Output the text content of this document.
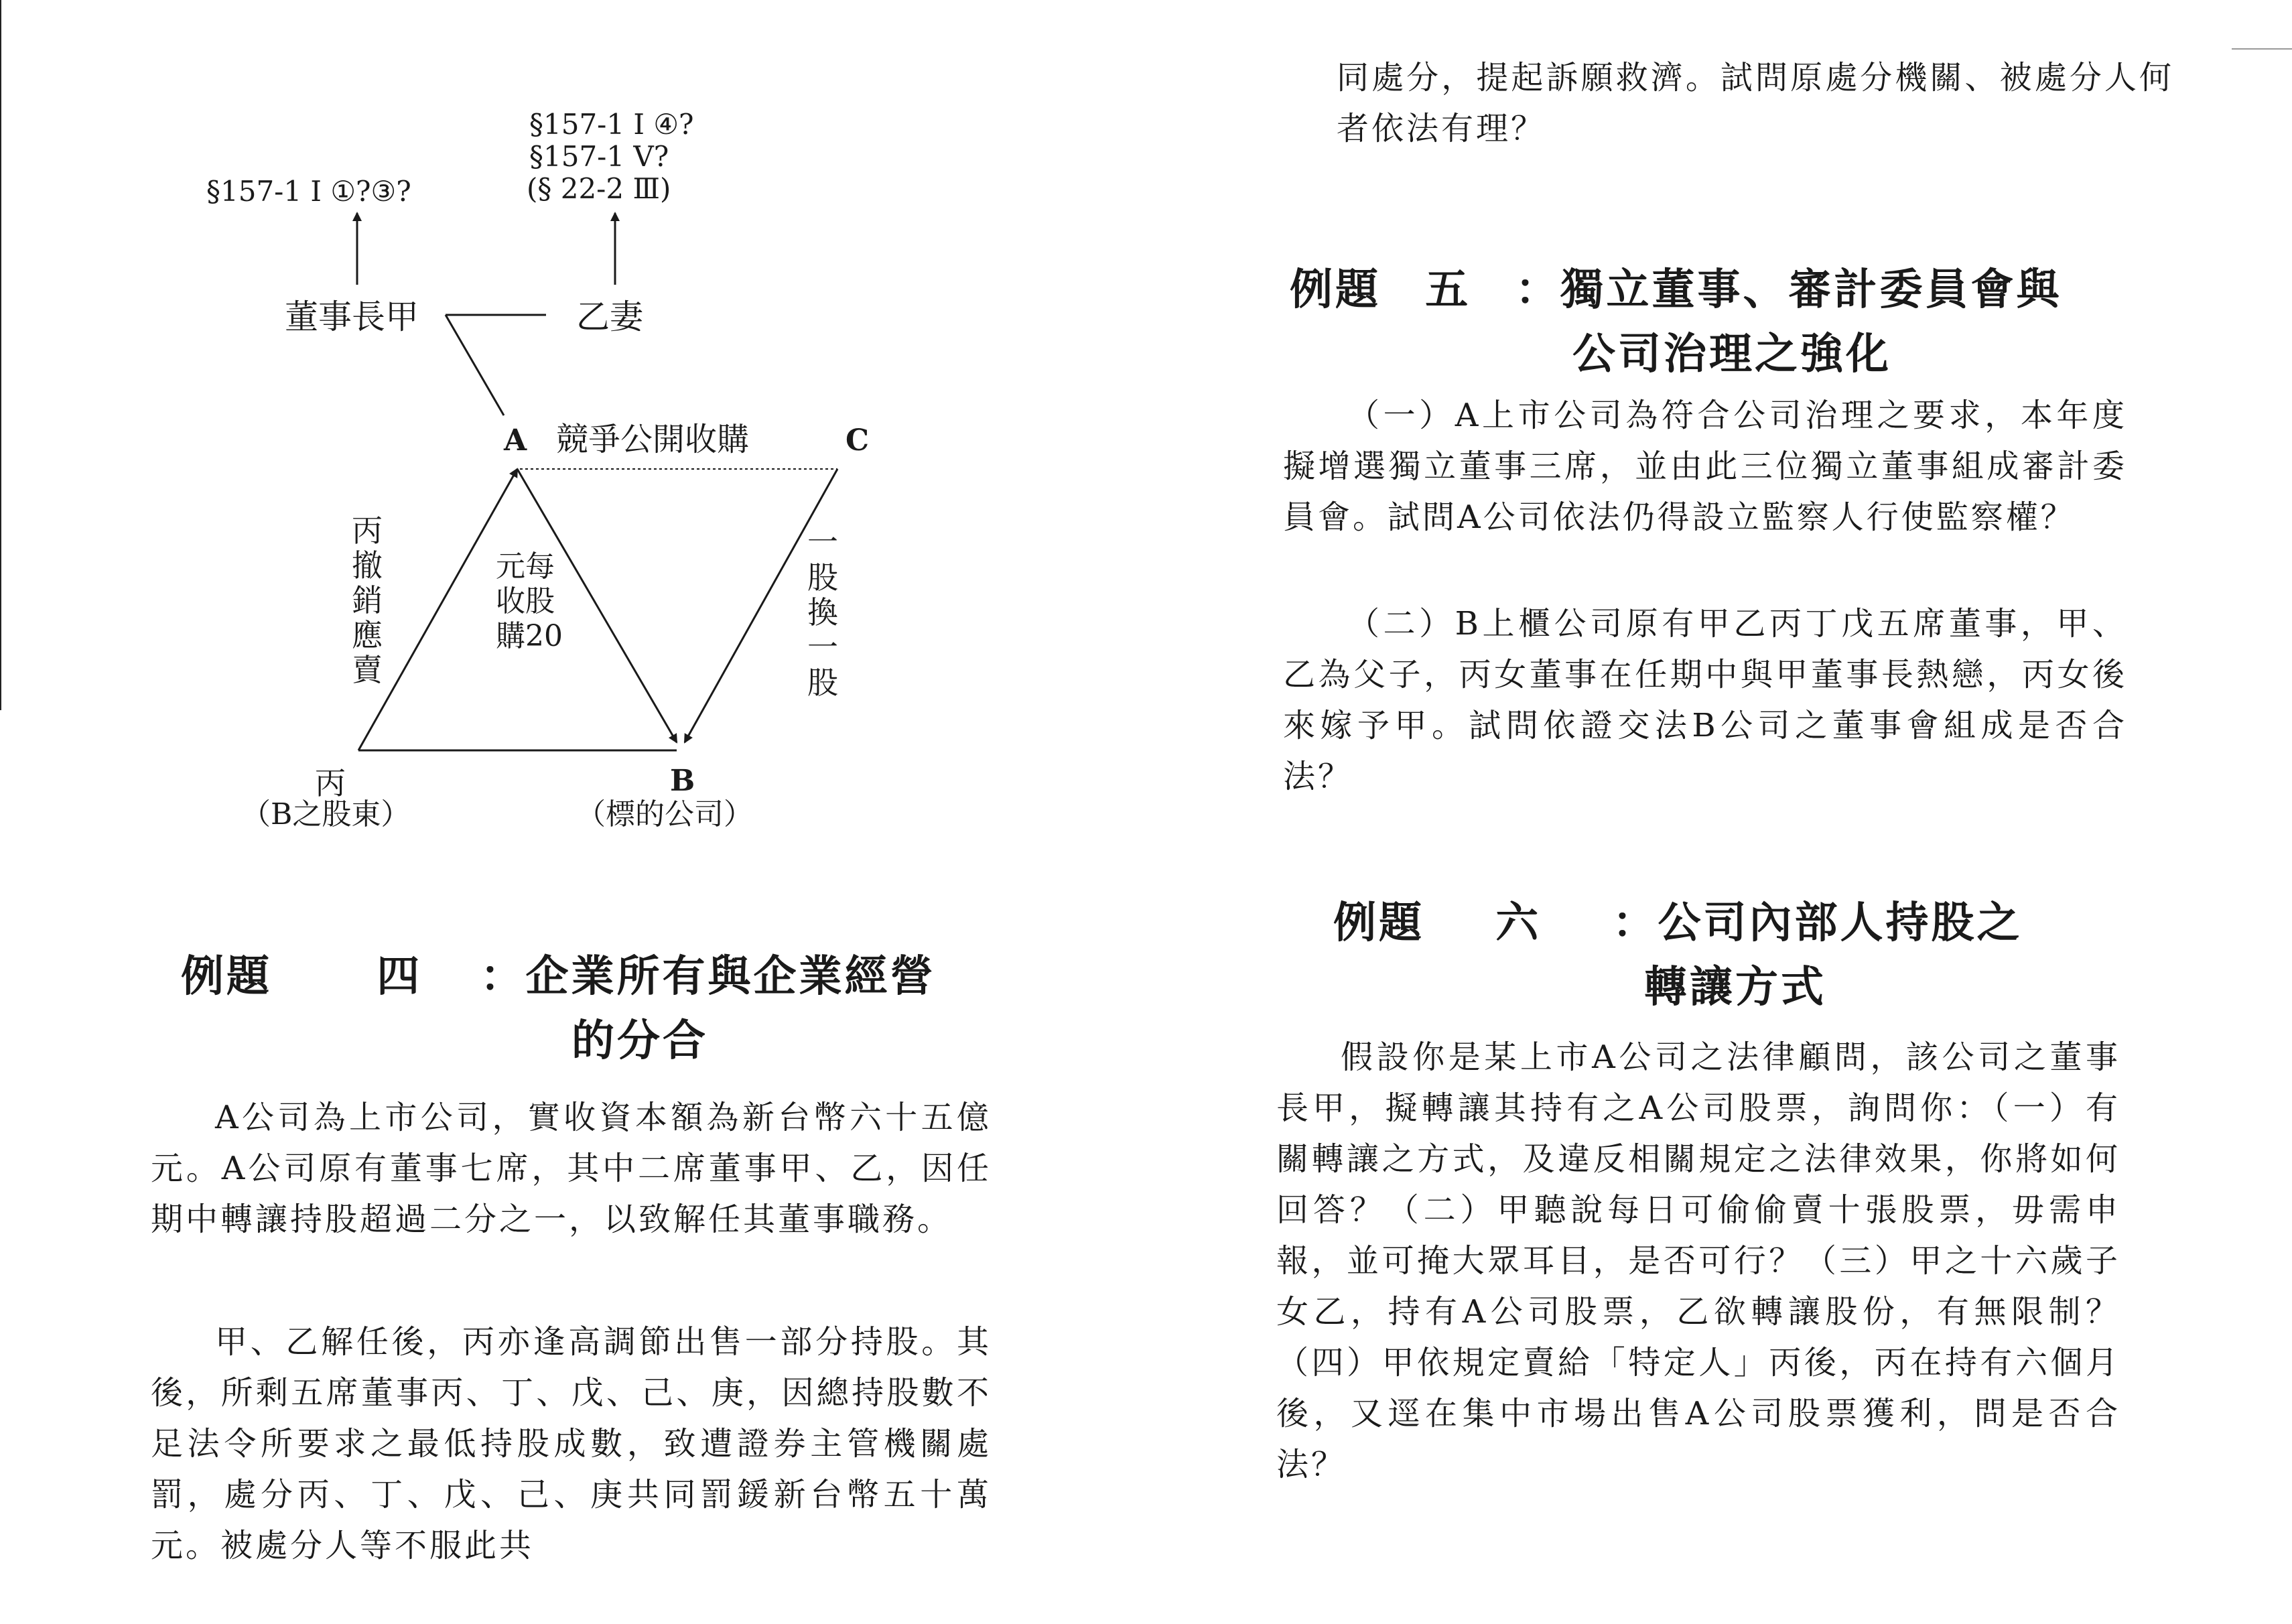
§157-1 Ⅰ ①?③?
§157-1 Ⅰ ④?
§157-1 Ⅴ?
(§ 22-2 Ⅲ)
董事長甲	乙妻
A	C
競爭公開收購
一 股 換 一 股
元每 收股 購20
丙 撤 銷 應 賣
丙
（B之股東）
B
（標的公司）
例題 四 ：企業所有與企業經營
的分合

A公司為上市公司，實收資本額為新台幣六十五億元。A公司原有董事七席，其中二席董事甲、乙，因任期中轉讓持股超過二分之一，以致解任其董事職務。

甲、乙解任後，丙亦逢高調節出售一部分持股。其後，所剩五席董事丙、丁、戊、己、庚，因總持股數不足法令所要求之最低持股成數，致遭證券主管機關處罰，處分丙、丁、戊、己、庚共同罰鍰新台幣五十萬元。被處分人等不服此共

同處分，提起訴願救濟。試問原處分機關、被處分人何者依法有理？

例題 五 ：獨立董事、審計委員會與
公司治理之強化

（一）A上市公司為符合公司治理之要求，本年度擬增選獨立董事三席，並由此三位獨立董事組成審計委員會。試問A公司依法仍得設立監察人行使監察權？

（二）B上櫃公司原有甲乙丙丁戊五席董事，甲、乙為父子，丙女董事在任期中與甲董事長熱戀，丙女後來嫁予甲。試問依證交法B公司之董事會組成是否合法？

例題 六 ：公司內部人持股之
轉讓方式

假設你是某上市A公司之法律顧問，該公司之董事長甲，擬轉讓其持有之A公司股票，詢問你：（一）有關轉讓之方式，及違反相關規定之法律效果，你將如何回答？（二）甲聽說每日可偷偷賣十張股票，毋需申報，並可掩大眾耳目，是否可行？（三）甲之十六歲子女乙，持有A公司股票，乙欲轉讓股份，有無限制？（四）甲依規定賣給「特定人」丙後，丙在持有六個月後，又逕在集中市場出售A公司股票獲利，問是否合法？
